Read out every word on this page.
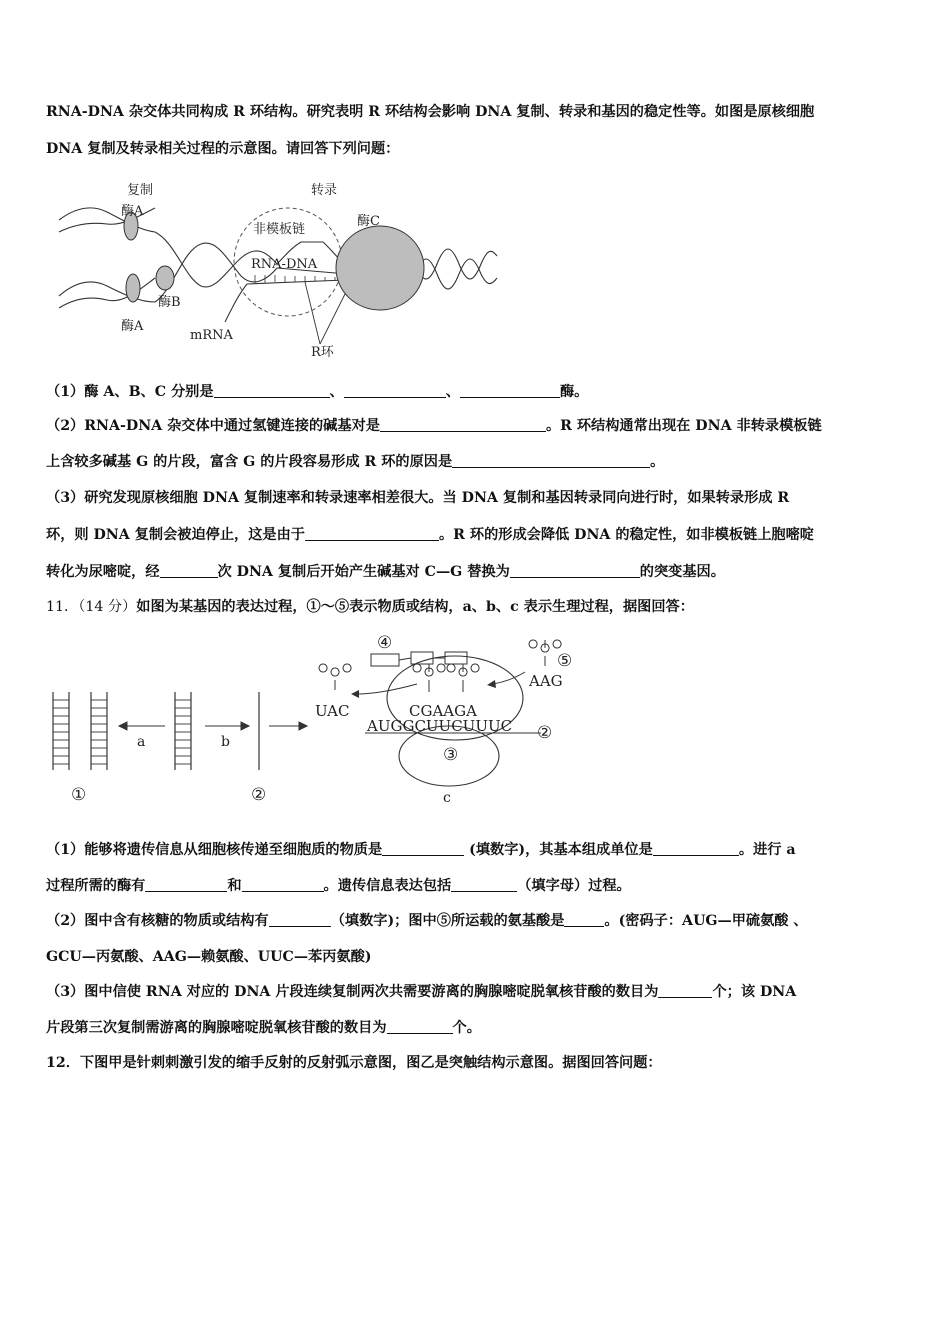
RNA-DNA 杂交体共同构成 R 环结构。研究表明 R 环结构会影响 DNA 复制、转录和基因的稳定性等。如图是原核细胞
DNA 复制及转录相关过程的示意图。请回答下列问题：
复制
酶A
酶A
酶B
转录
非模板链
RNA-DNA
酶C
mRNA
R环
（1）酶 A、B、C 分别是	、	、	酶。
（2）RNA-DNA 杂交体中通过氢键连接的碱基对是	。R 环结构通常出现在 DNA 非转录模板链
上含较多碱基 G 的片段，富含 G 的片段容易形成 R 环的原因是	。
（3）研究发现原核细胞 DNA 复制速率和转录速率相差很大。当 DNA 复制和基因转录同向进行时，如果转录形成 R
环，则 DNA 复制会被迫停止，这是由于	。R 环的形成会降低 DNA 的稳定性，如非模板链上胞嘧啶
转化为尿嘧啶，经	次 DNA 复制后开始产生碱基对 C—G 替换为	的突变基因。
11．（14 分）如图为某基因的表达过程，①～⑤表示物质或结构，a、b、c 表示生理过程，据图回答：
a	b
c
①	②
②
③
④
⑤
UAC	CGAAGA
AUGGCUUCUUUC
AAG
（1）能够将遗传信息从细胞核传递至细胞质的物质是	(填数字)，其基本组成单位是	。进行 a
过程所需的酶有	和	。遗传信息表达包括	（填字母）过程。
（2）图中含有核糖的物质或结构有	（填数字)；图中⑤所运载的氨基酸是	。(密码子：AUG—甲硫氨酸 、
GCU—丙氨酸、AAG—赖氨酸、UUC—苯丙氨酸)
（3）图中信使 RNA 对应的 DNA 片段连续复制两次共需要游离的胸腺嘧啶脱氧核苷酸的数目为	个；该 DNA
片段第三次复制需游离的胸腺嘧啶脱氧核苷酸的数目为	个。
12．下图甲是针刺刺激引发的缩手反射的反射弧示意图，图乙是突触结构示意图。据图回答问题：
